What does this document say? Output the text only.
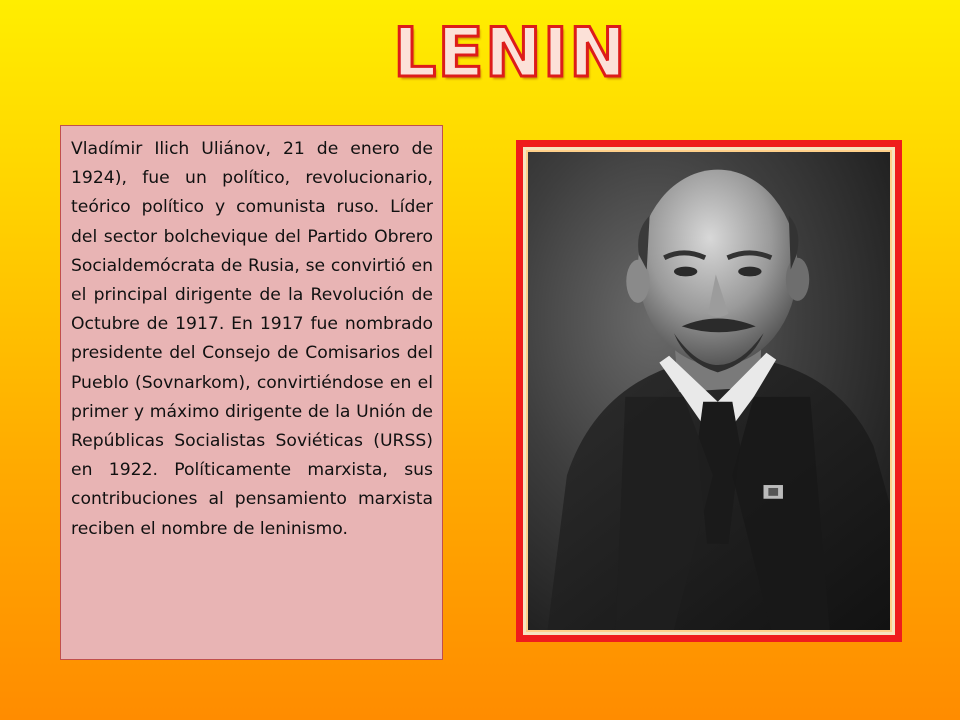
LENIN

Vladímir Ilich Uliánov, 21 de enero de 1924), fue un político, revolucionario, teórico político y comunista ruso. Líder del sector bolchevique del Partido Obrero Socialdemócrata de Rusia, se convirtió en el principal dirigente de la Revolución de Octubre de 1917. En 1917 fue nombrado presidente del Consejo de Comisarios del Pueblo (Sovnarkom), convirtiéndose en el primer y máximo dirigente de la Unión de Repúblicas Socialistas Soviéticas (URSS) en 1922. Políticamente marxista, sus contribuciones al pensamiento marxista reciben el nombre de leninismo.
